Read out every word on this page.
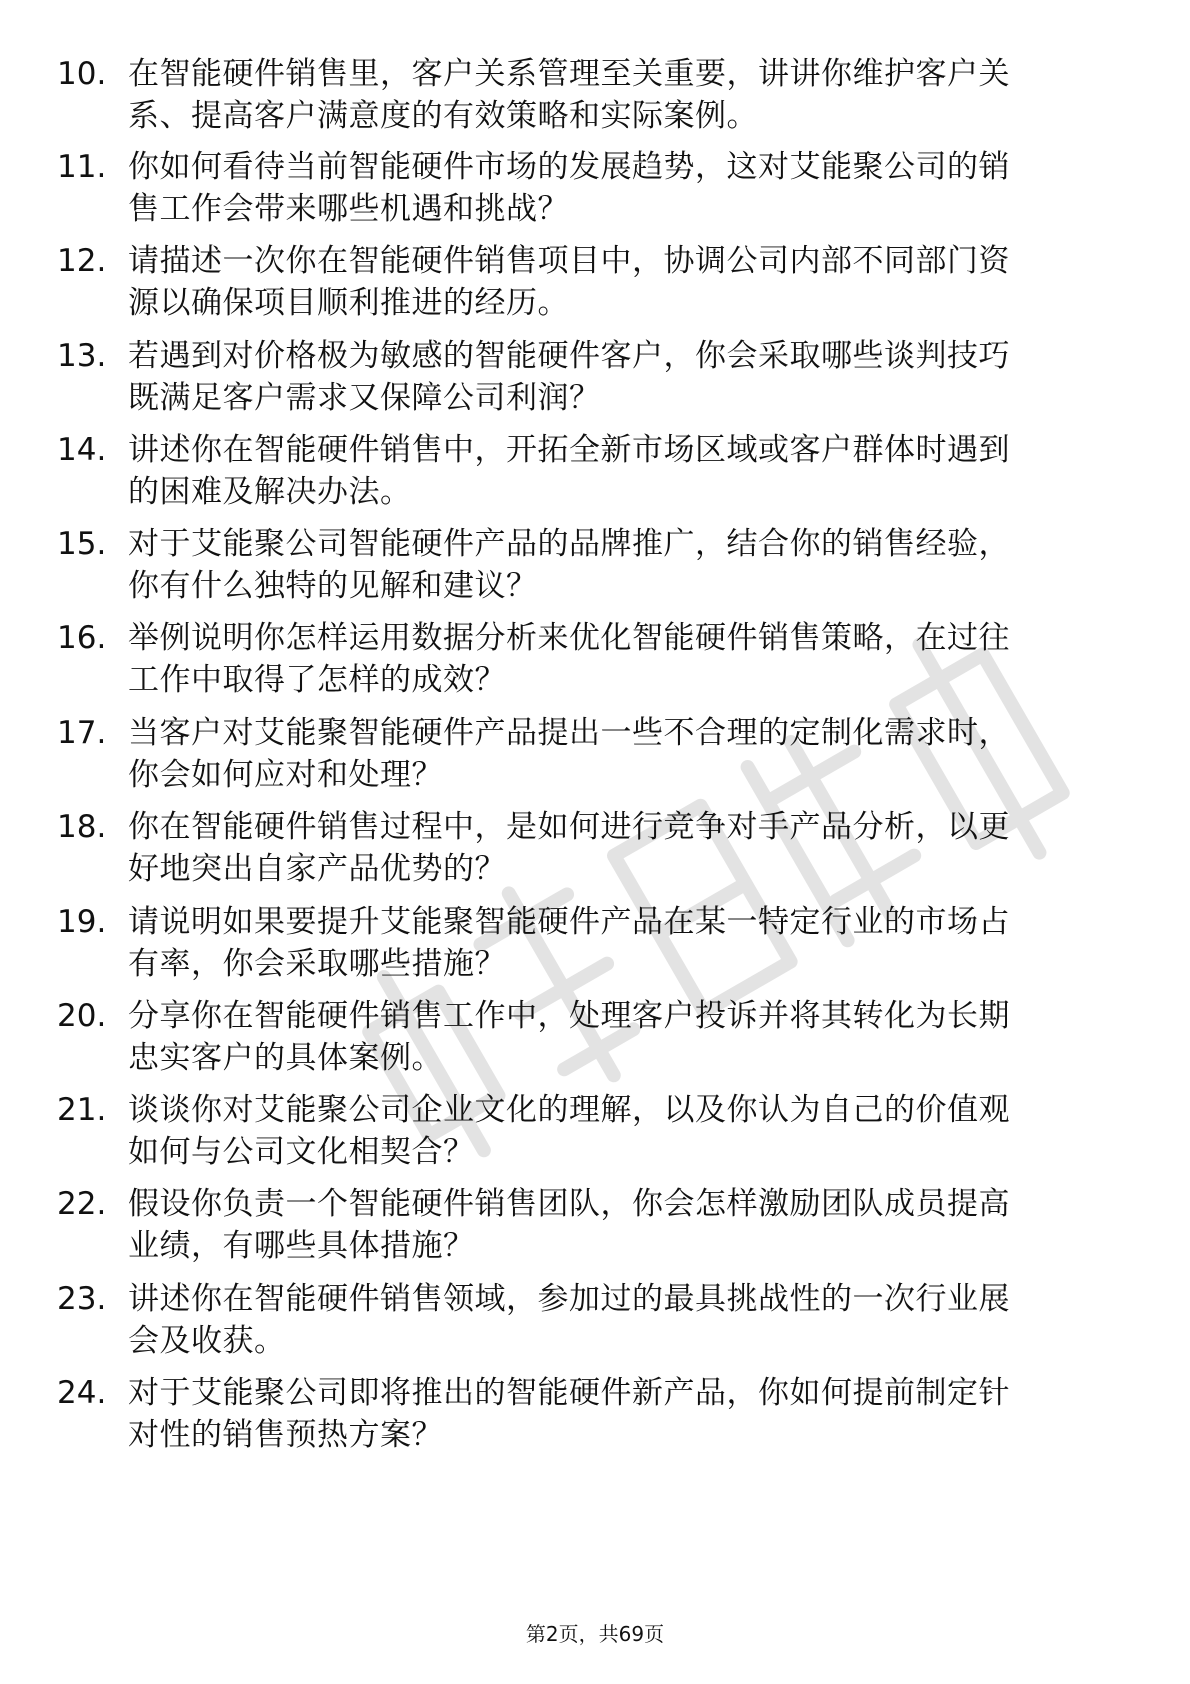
10. 在智能硬件销售里，客户关系管理至关重要，讲讲你维护客户关
系、提高客户满意度的有效策略和实际案例。
11. 你如何看待当前智能硬件市场的发展趋势，这对艾能聚公司的销
售工作会带来哪些机遇和挑战？
12. 请描述一次你在智能硬件销售项目中，协调公司内部不同部门资
源以确保项目顺利推进的经历。
13. 若遇到对价格极为敏感的智能硬件客户，你会采取哪些谈判技巧
既满足客户需求又保障公司利润？
14. 讲述你在智能硬件销售中，开拓全新市场区域或客户群体时遇到
的困难及解决办法。
15. 对于艾能聚公司智能硬件产品的品牌推广，结合你的销售经验，
你有什么独特的见解和建议？
16. 举例说明你怎样运用数据分析来优化智能硬件销售策略，在过往
工作中取得了怎样的成效？
17. 当客户对艾能聚智能硬件产品提出一些不合理的定制化需求时，
你会如何应对和处理？
18. 你在智能硬件销售过程中，是如何进行竞争对手产品分析，以更
好地突出自家产品优势的？
19. 请说明如果要提升艾能聚智能硬件产品在某一特定行业的市场占
有率，你会采取哪些措施？
20. 分享你在智能硬件销售工作中，处理客户投诉并将其转化为长期
忠实客户的具体案例。
21. 谈谈你对艾能聚公司企业文化的理解，以及你认为自己的价值观
如何与公司文化相契合？
22. 假设你负责一个智能硬件销售团队，你会怎样激励团队成员提高
业绩，有哪些具体措施？
23. 讲述你在智能硬件销售领域，参加过的最具挑战性的一次行业展
会及收获。
24. 对于艾能聚公司即将推出的智能硬件新产品，你如何提前制定针
对性的销售预热方案？
第2页，共69页
